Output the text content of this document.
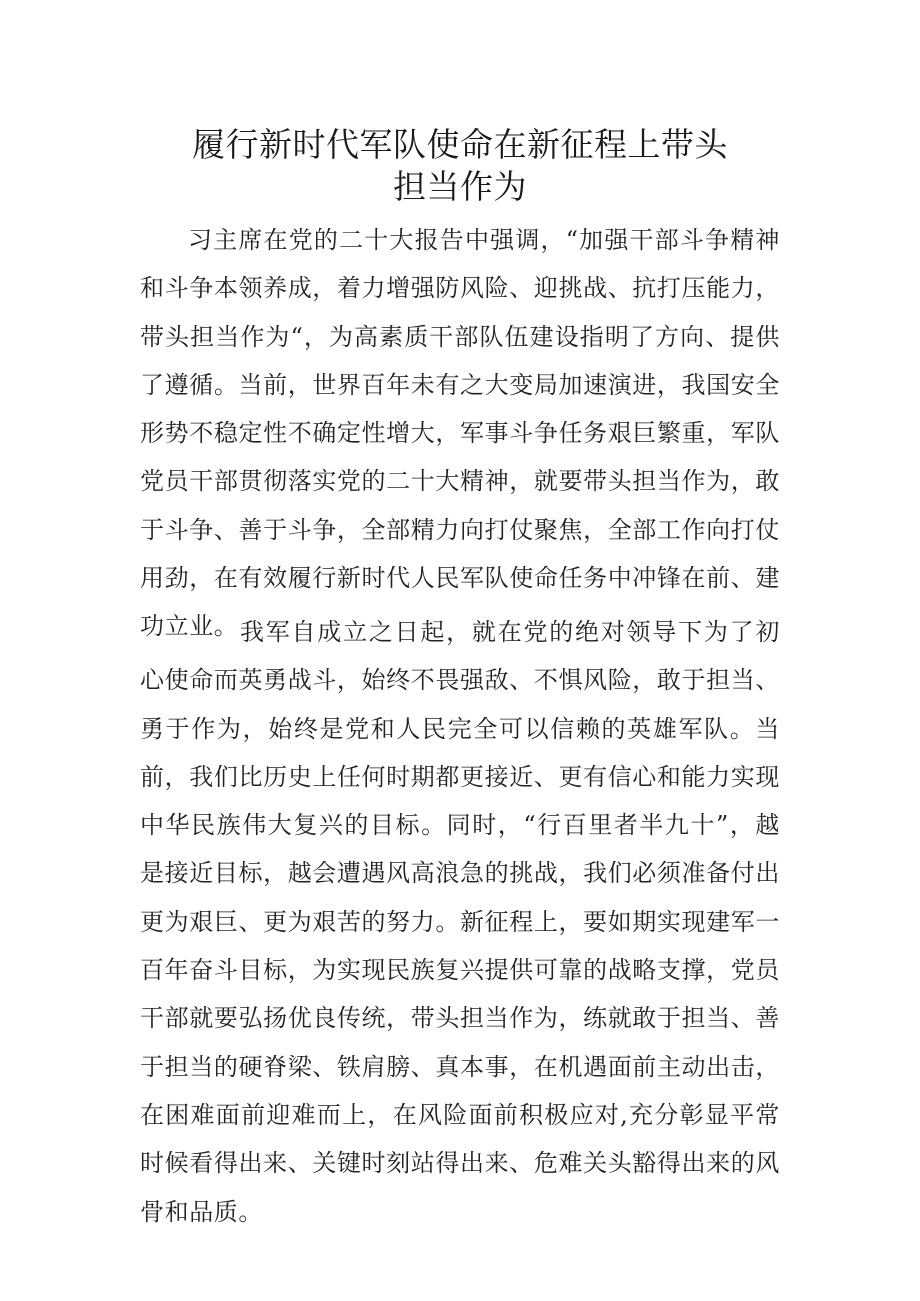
履行新时代军队使命在新征程上带头
担当作为

习主席在党的二十大报告中强调，“加强干部斗争精神和斗争本领养成，着力增强防风险、迎挑战、抗打压能力，带头担当作为“，为高素质干部队伍建设指明了方向、提供了遵循。当前，世界百年未有之大变局加速演进，我国安全形势不稳定性不确定性增大，军事斗争任务艰巨繁重，军队党员干部贯彻落实党的二十大精神，就要带头担当作为，敢于斗争、善于斗争，全部精力向打仗聚焦，全部工作向打仗用劲，在有效履行新时代人民军队使命任务中冲锋在前、建功立业。 我军自成立之日起，就在党的绝对领导下为了初心使命而英勇战斗，始终不畏强敌、不惧风险，敢于担当、勇于作为，始终是党和人民完全可以信赖的英雄军队。当前，我们比历史上任何时期都更接近、更有信心和能力实现中华民族伟大复兴的目标。同时，“行百里者半九十”，越是接近目标，越会遭遇风高浪急的挑战，我们必须准备付出更为艰巨、更为艰苦的努力。新征程上，要如期实现建军一百年奋斗目标，为实现民族复兴提供可靠的战略支撑，党员干部就要弘扬优良传统，带头担当作为，练就敢于担当、善于担当的硬脊梁、铁肩膀、真本事，在机遇面前主动出击，在困难面前迎难而上，在风险面前积极应对,充分彰显平常时候看得出来、关键时刻站得出来、危难关头豁得出来的风骨和品质。
